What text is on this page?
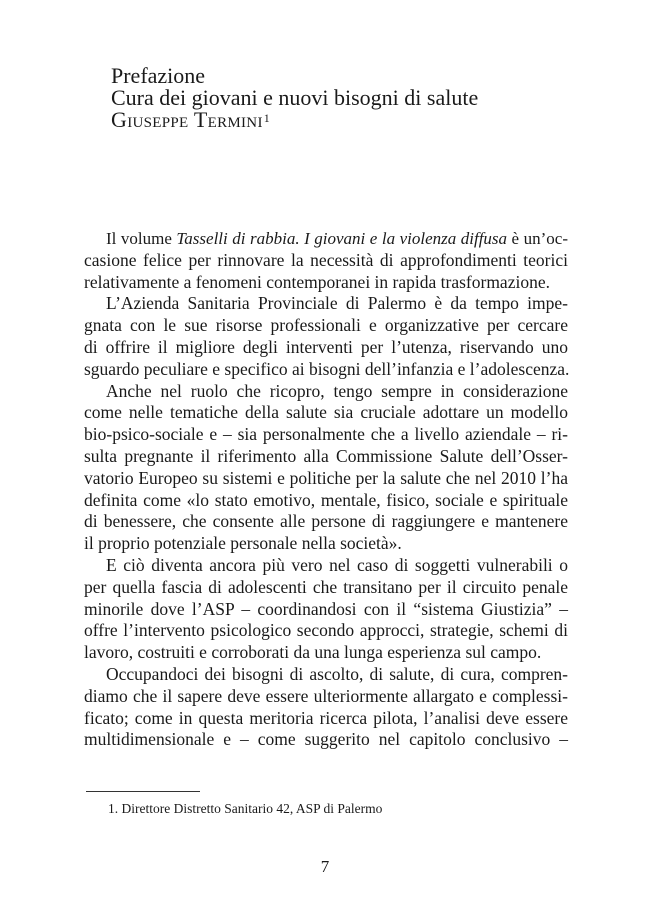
Prefazione
Cura dei giovani e nuovi bisogni di salute
Giuseppe Termini$^1$
Il volume Tasselli di rabbia. I giovani e la violenza diffusa è un’oc-
casione felice per rinnovare la necessità di approfondimenti teorici
relativamente a fenomeni contemporanei in rapida trasformazione.
L’Azienda Sanitaria Provinciale di Palermo è da tempo impe-
gnata con le sue risorse professionali e organizzative per cercare
di offrire il migliore degli interventi per l’utenza, riservando uno
sguardo peculiare e specifico ai bisogni dell’infanzia e l’adolescenza.
Anche nel ruolo che ricopro, tengo sempre in considerazione
come nelle tematiche della salute sia cruciale adottare un modello
bio-psico-sociale e – sia personalmente che a livello aziendale – ri-
sulta pregnante il riferimento alla Commissione Salute dell’Osser-
vatorio Europeo su sistemi e politiche per la salute che nel 2010 l’ha
definita come «lo stato emotivo, mentale, fisico, sociale e spirituale
di benessere, che consente alle persone di raggiungere e mantenere
il proprio potenziale personale nella società».
E ciò diventa ancora più vero nel caso di soggetti vulnerabili o
per quella fascia di adolescenti che transitano per il circuito penale
minorile dove l’ASP – coordinandosi con il “sistema Giustizia” –
offre l’intervento psicologico secondo approcci, strategie, schemi di
lavoro, costruiti e corroborati da una lunga esperienza sul campo.
Occupandoci dei bisogni di ascolto, di salute, di cura, compren-
diamo che il sapere deve essere ulteriormente allargato e complessi-
ficato; come in questa meritoria ricerca pilota, l’analisi deve essere
multidimensionale e – come suggerito nel capitolo conclusivo –
1. Direttore Distretto Sanitario 42, ASP di Palermo
7
